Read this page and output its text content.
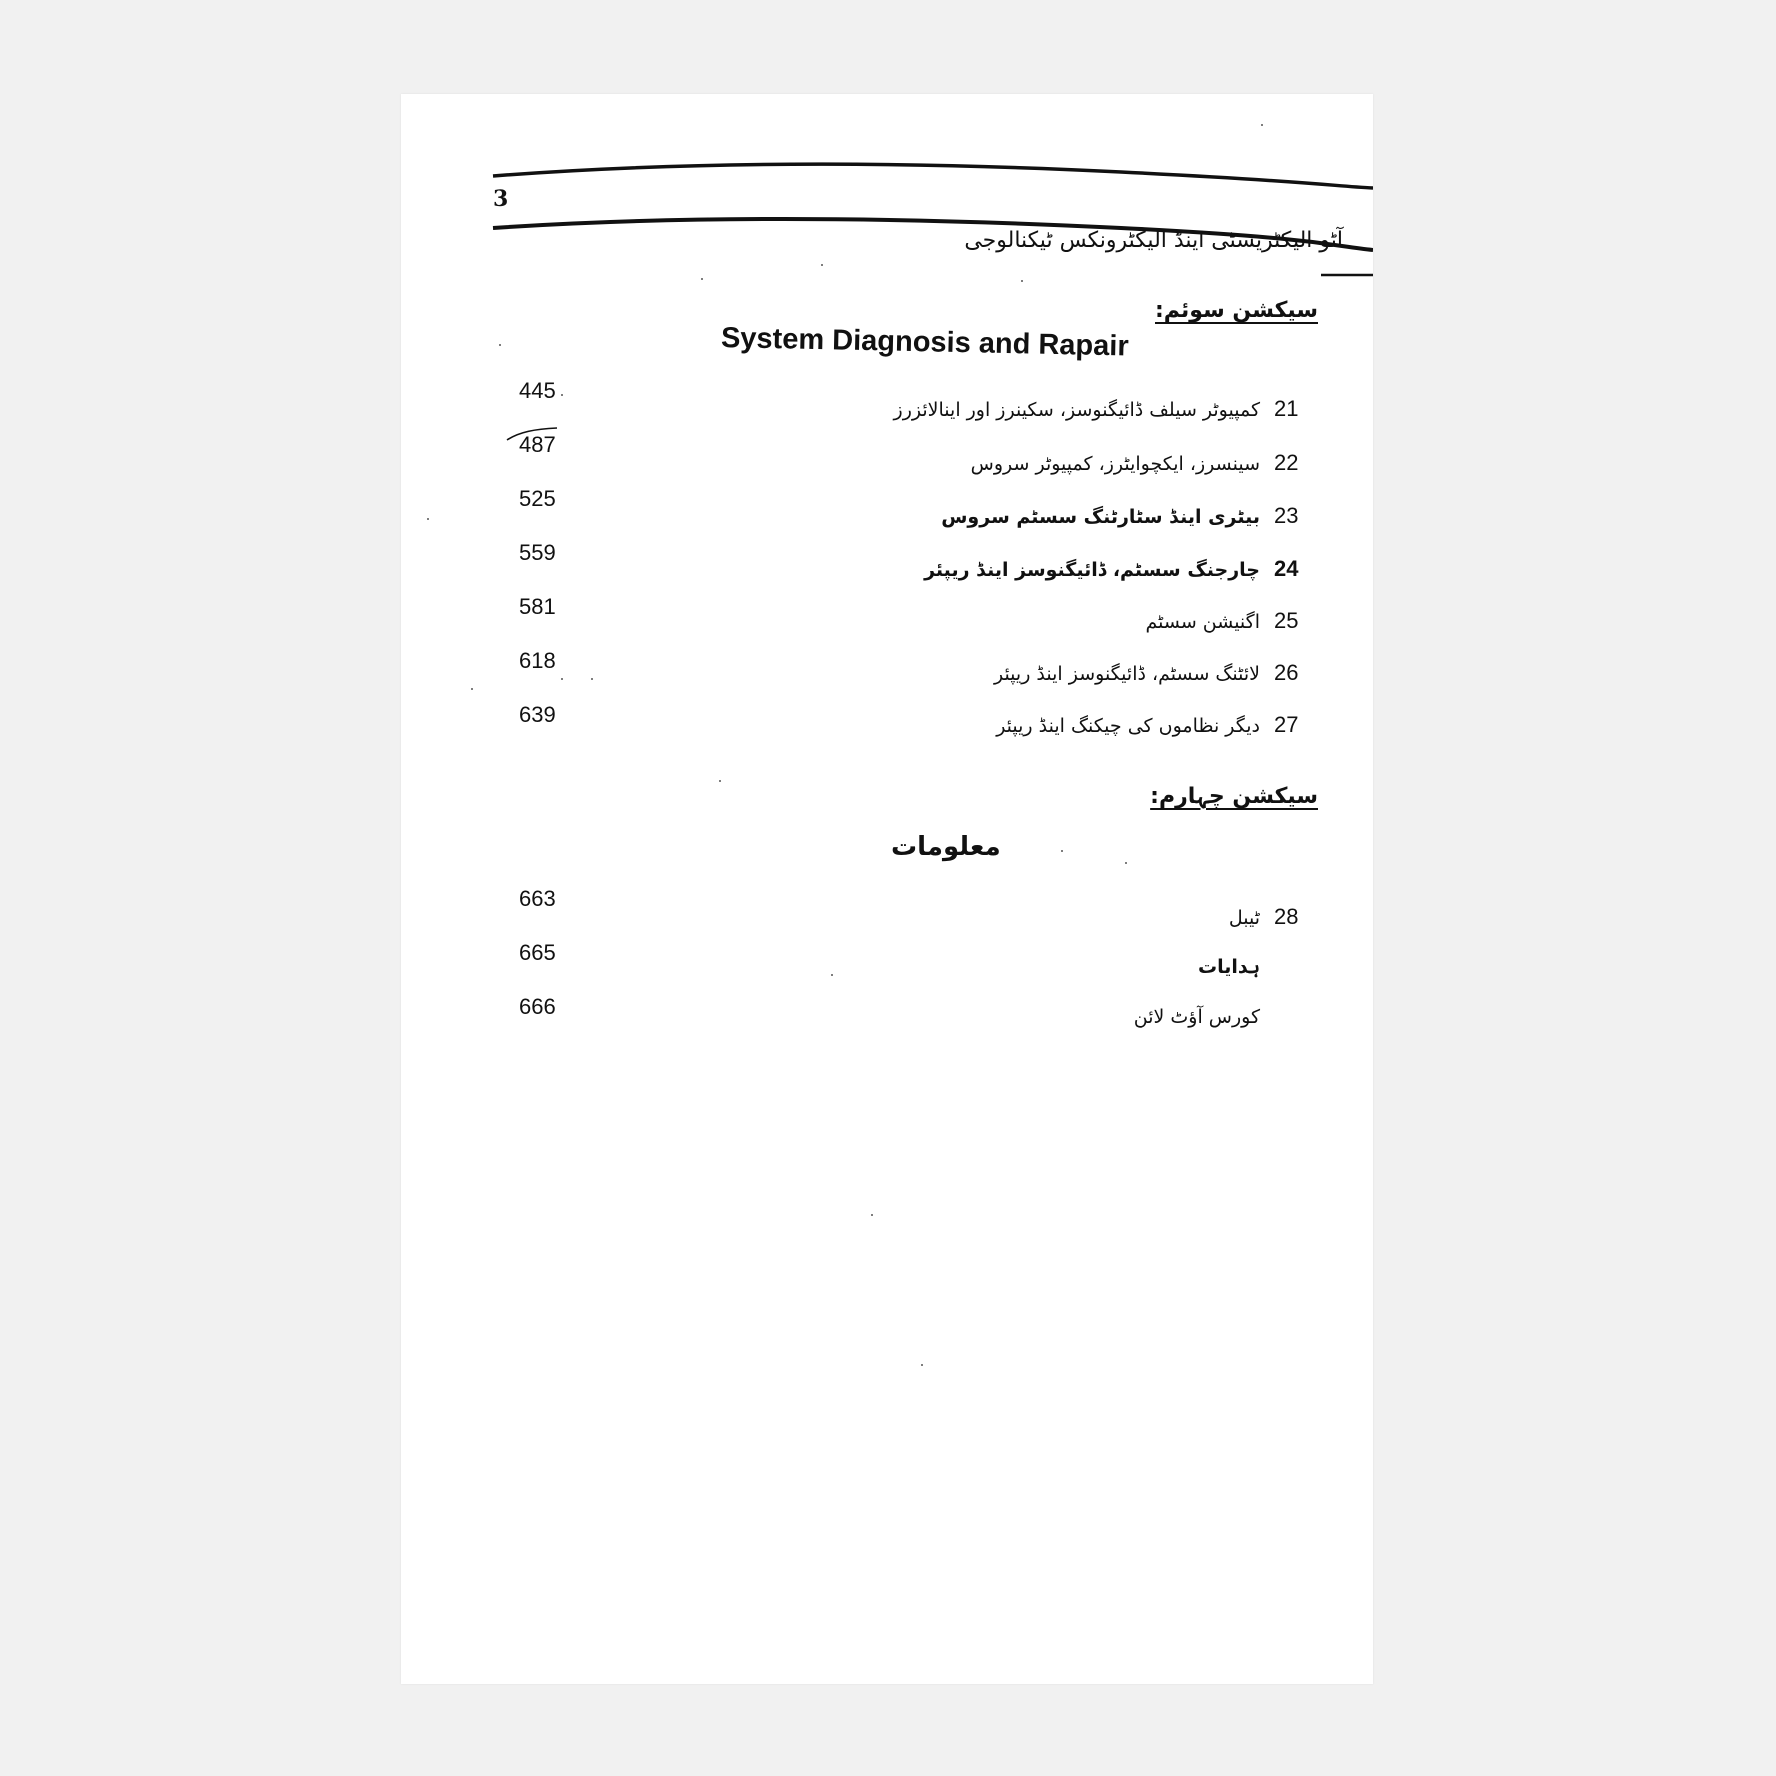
3
آٹو الیکٹریسٹی اینڈ الیکٹرونکس ٹیکنالوجی
سیکشن سوئم:
System Diagnosis and Rapair
445
487
525
559
581
618
639
21
کمپیوٹر سیلف ڈائیگنوسز، سکینرز اور اینالائزرز
22
سینسرز، ایکچوایٹرز، کمپیوٹر سروس
23
بیٹری اینڈ سٹارٹنگ سسٹم سروس
24
چارجنگ سسٹم، ڈائیگنوسز اینڈ ریپئر
25
اگنیشن سسٹم
26
لائٹنگ سسٹم، ڈائیگنوسز اینڈ ریپئر
27
دیگر نظاموں کی چیکنگ اینڈ ریپئر
سیکشن چہارم:
معلومات
663
665
666
28
ٹیبل
ہدایات
کورس آؤٹ لائن
